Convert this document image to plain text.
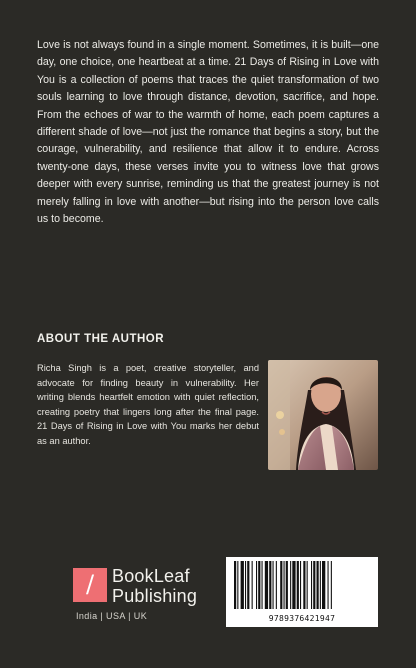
Love is not always found in a single moment. Sometimes, it is built—one day, one choice, one heartbeat at a time. 21 Days of Rising in Love with You is a collection of poems that traces the quiet transformation of two souls learning to love through distance, devotion, sacrifice, and hope. From the echoes of war to the warmth of home, each poem captures a different shade of love—not just the romance that begins a story, but the courage, vulnerability, and resilience that allow it to endure. Across twenty-one days, these verses invite you to witness love that grows deeper with every sunrise, reminding us that the greatest journey is not merely falling in love with another—but rising into the person love calls us to become.

ABOUT THE AUTHOR

Richa Singh is a poet, creative storyteller, and advocate for finding beauty in vulnerability. Her writing blends heartfelt emotion with quiet reflection, creating poetry that lingers long after the final page. 21 Days of Rising in Love with You marks her debut as an author.

/ BookLeaf
Publishing
India | USA | UK	9789376421947
